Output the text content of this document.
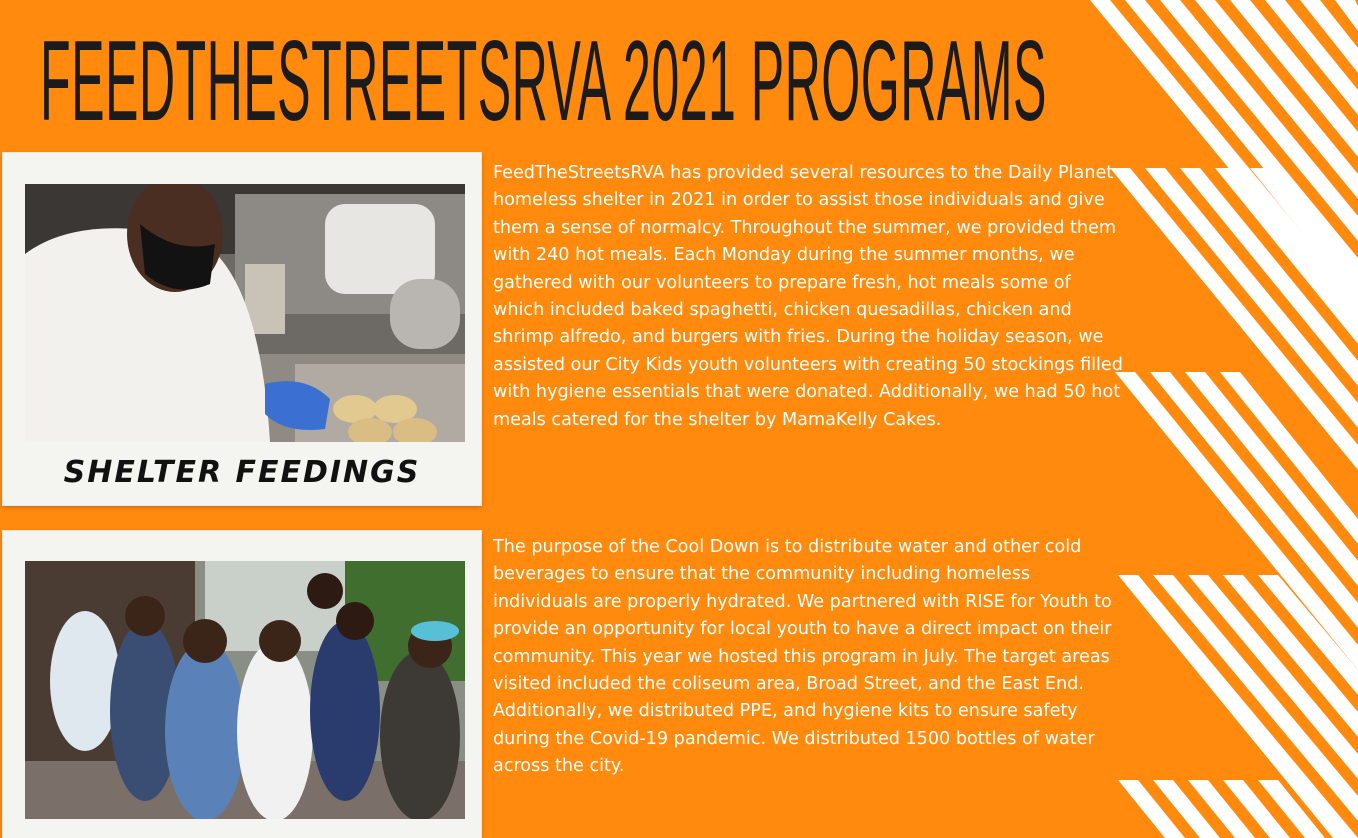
FEEDTHESTREETSRVA 2021 PROGRAMS
SHELTER FEEDINGS

FeedTheStreetsRVA has provided several resources to the Daily Planet homeless shelter in 2021 in order to assist those individuals and give them a sense of normalcy. Throughout the summer, we provided them with 240 hot meals. Each Monday during the summer months, we gathered with our volunteers to prepare fresh, hot meals some of which included baked spaghetti, chicken quesadillas, chicken and shrimp alfredo, and burgers with fries. During the holiday season, we assisted our City Kids youth volunteers with creating 50 stockings filled with hygiene essentials that were donated. Additionally, we had 50 hot meals catered for the shelter by MamaKelly Cakes.

The purpose of the Cool Down is to distribute water and other cold beverages to ensure that the community including homeless individuals are properly hydrated. We partnered with RISE for Youth to provide an opportunity for local youth to have a direct impact on their community. This year we hosted this program in July. The target areas visited included the coliseum area, Broad Street, and the East End. Additionally, we distributed PPE, and hygiene kits to ensure safety during the Covid-19 pandemic. We distributed 1500 bottles of water across the city.
